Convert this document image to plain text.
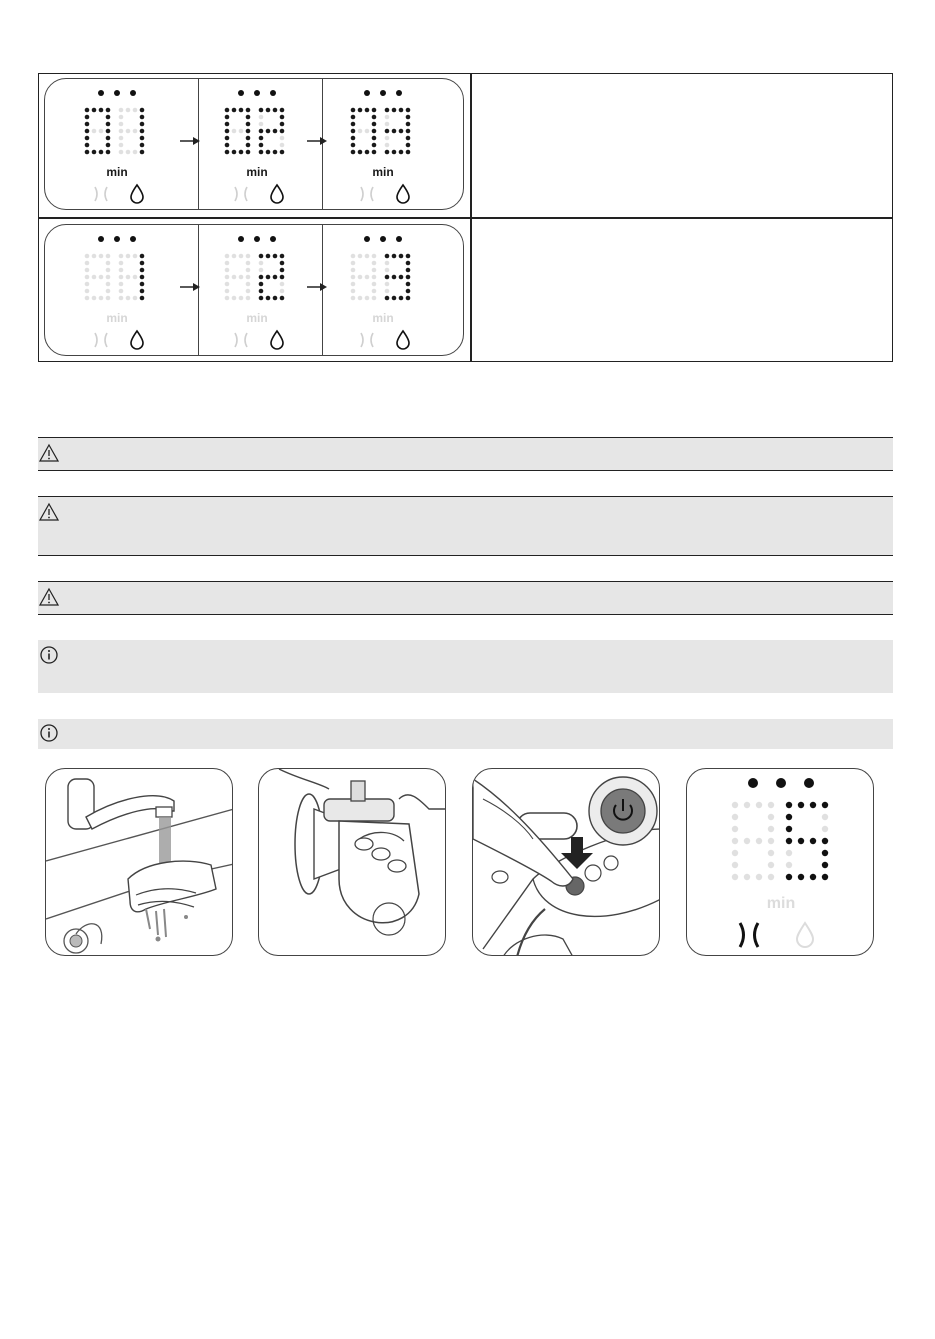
min	min	min
min	min	min
min
